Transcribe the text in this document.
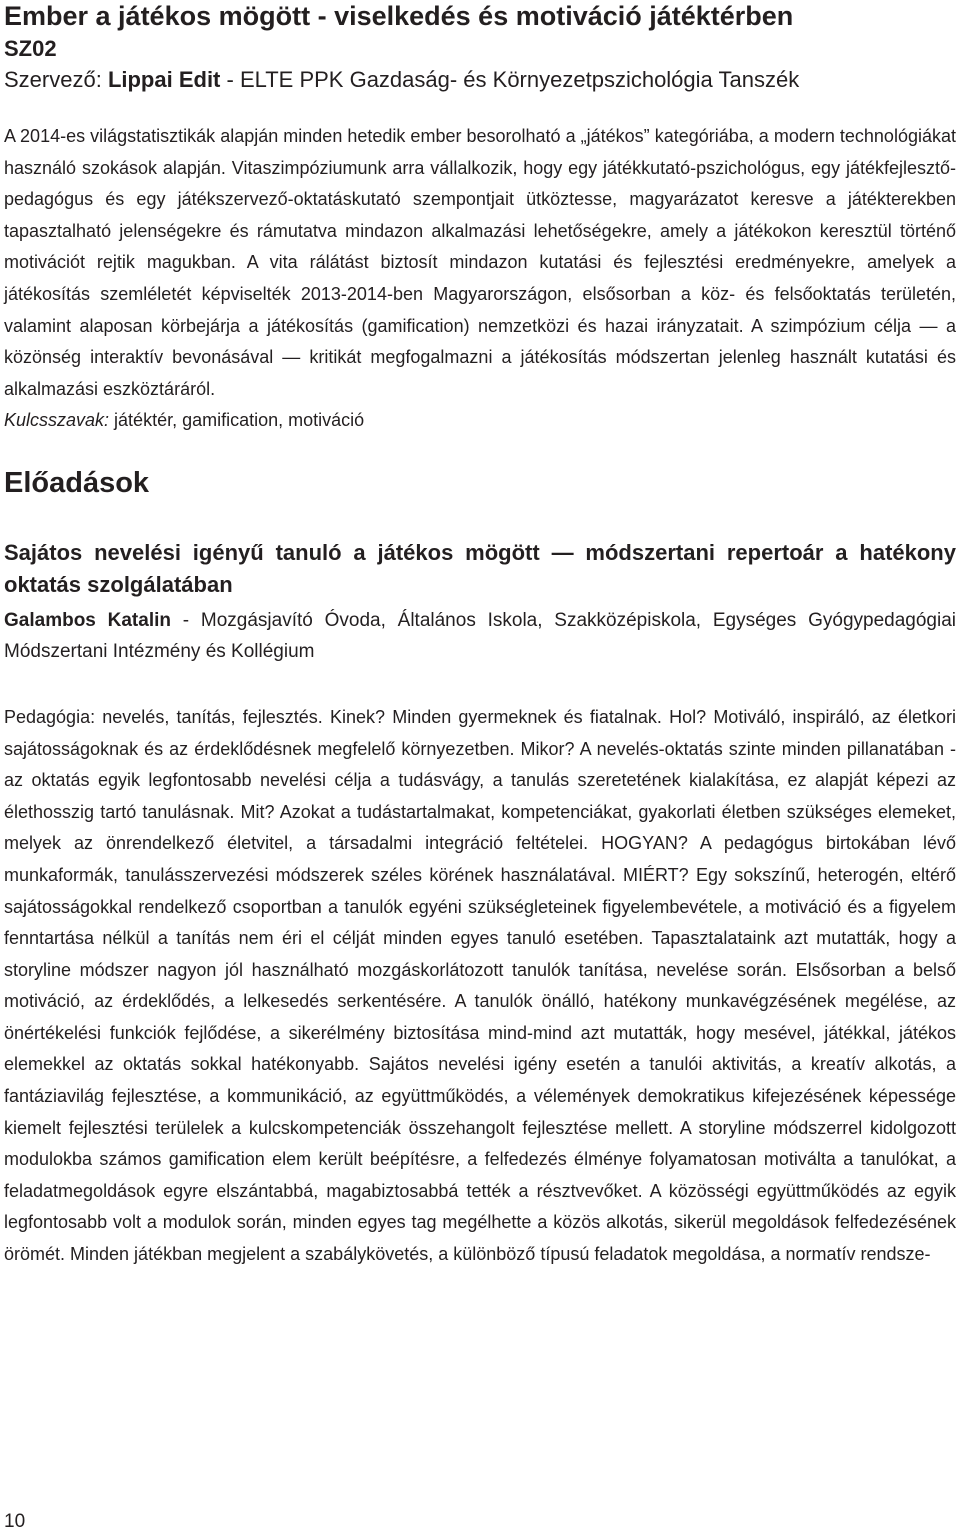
Ember a játékos mögött - viselkedés és motiváció játéktérben
SZ02
Szervező: Lippai Edit - ELTE PPK Gazdaság- és Környezetpszichológia Tanszék

A 2014-es világstatisztikák alapján minden hetedik ember besorolható a „játékos” kategóriába, a modern technológiákat használó szokások alapján. Vitaszimpóziumunk arra vállalkozik, hogy egy játékkutató-pszichológus, egy játékfejlesztő-pedagógus és egy játékszervező-oktatáskutató szempontjait ütköztesse, magyarázatot keresve a játékterekben tapasztalható jelenségekre és rámutatva mindazon alkalmazási lehetőségekre, amely a játékokon keresztül történő motivációt rejtik magukban. A vita rálátást biztosít mindazon kutatási és fejlesztési eredményekre, amelyek a játékosítás szemléletét képviselték 2013-2014-ben Magyarországon, elsősorban a köz- és felsőoktatás területén, valamint alaposan körbejárja a játékosítás (gamification) nemzetközi és hazai irányzatait. A szimpózium célja — a közönség interaktív bevonásával — kritikát megfogalmazni a játékosítás módszertan jelenleg használt kutatási és alkalmazási eszköztáráról.

Kulcsszavak: játéktér, gamification, motiváció

Előadások
Sajátos nevelési igényű tanuló a játékos mögött — módszertani repertoár a hatékony oktatás szolgálatában
Galambos Katalin - Mozgásjavító Óvoda, Általános Iskola, Szakközépiskola, Egységes Gyógypedagógiai Módszertani Intézmény és Kollégium

Pedagógia: nevelés, tanítás, fejlesztés. Kinek? Minden gyermeknek és fiatalnak. Hol? Motiváló, inspiráló, az életkori sajátosságoknak és az érdeklődésnek megfelelő környezetben. Mikor? A nevelés-oktatás szinte minden pillanatában - az oktatás egyik legfontosabb nevelési célja a tudásvágy, a tanulás szeretetének kialakítása, ez alapját képezi az élethosszig tartó tanulásnak. Mit? Azokat a tudástartalmakat, kompetenciákat, gyakorlati életben szükséges elemeket, melyek az önrendelkező életvitel, a társadalmi integráció feltételei. HOGYAN? A pedagógus birtokában lévő munkaformák, tanulásszervezési módszerek széles körének használatával. MIÉRT? Egy sokszínű, heterogén, eltérő sajátosságokkal rendelkező csoportban a tanulók egyéni szükségleteinek figyelembevétele, a motiváció és a figyelem fenntartása nélkül a tanítás nem éri el célját minden egyes tanuló esetében. Tapasztalataink azt mutatták, hogy a storyline módszer nagyon jól használható mozgáskorlátozott tanulók tanítása, nevelése során. Elsősorban a belső motiváció, az érdeklődés, a lelkesedés serkentésére. A tanulók önálló, hatékony munkavégzésének megélése, az önértékelési funkciók fejlődése, a sikerélmény biztosítása mind-mind azt mutatták, hogy mesével, játékkal, játékos elemekkel az oktatás sokkal hatékonyabb. Sajátos nevelési igény esetén a tanulói aktivitás, a kreatív alkotás, a fantáziavilág fejlesztése, a kommunikáció, az együttműködés, a vélemények demokratikus kifejezésének képessége kiemelt fejlesztési terülelek a kulcskompetenciák összehangolt fejlesztése mellett. A storyline módszerrel kidolgozott modulokba számos gamification elem került beépítésre, a felfedezés élménye folyamatosan motiválta a tanulókat, a feladatmegoldások egyre elszántabbá, magabiztosabbá tették a résztvevőket. A közösségi együttműködés az egyik legfontosabb volt a modulok során, minden egyes tag megélhette a közös alkotás, sikerül megoldások felfedezésének örömét. Minden játékban megjelent a szabálykövetés, a különböző típusú feladatok megoldása, a normatív rendsze-

10
